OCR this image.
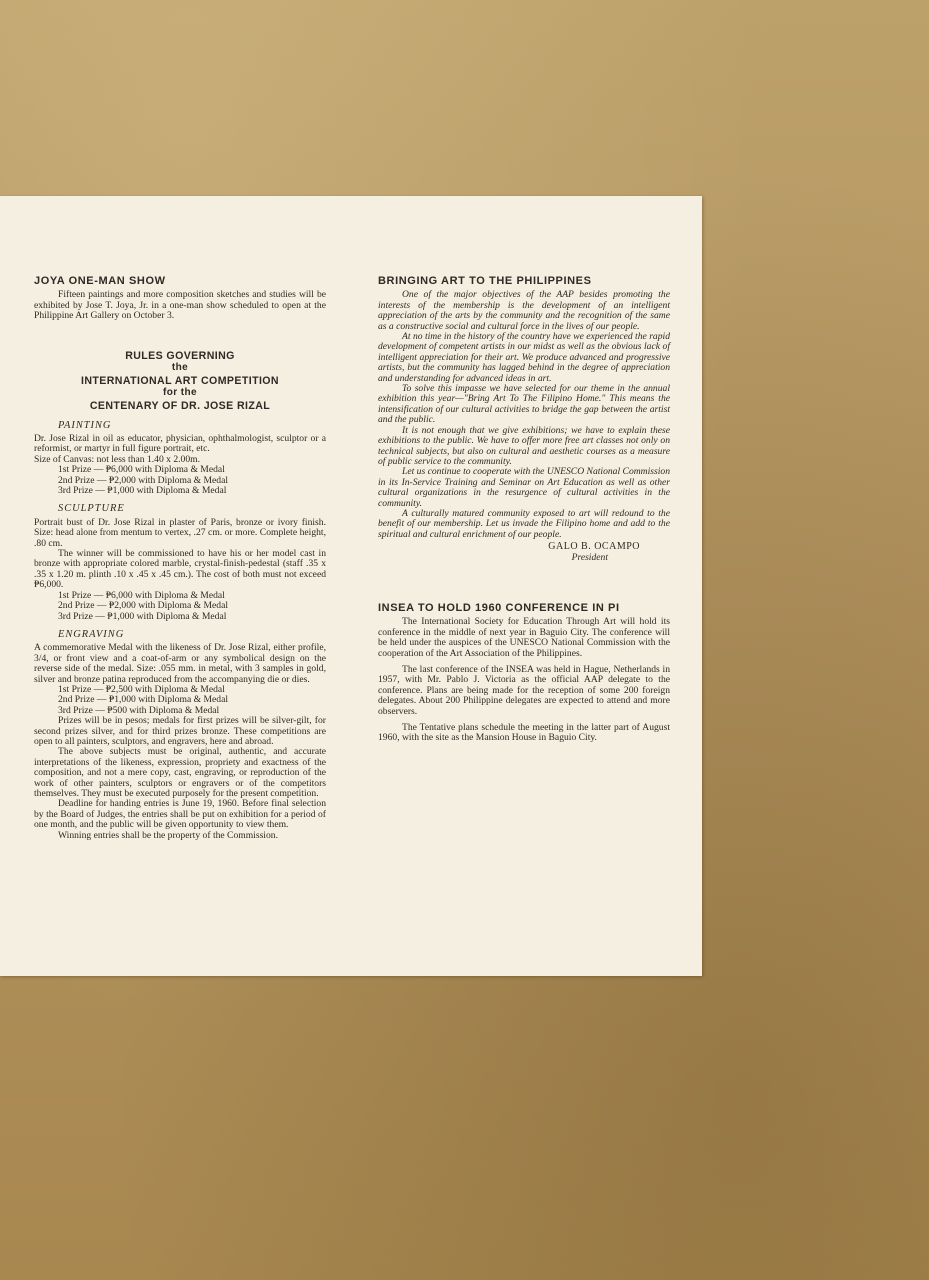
JOYA ONE-MAN SHOW

Fifteen paintings and more composition sketches and studies will be exhibited by Jose T. Joya, Jr. in a one-man show scheduled to open at the Philippine Art Gallery on October 3.

RULES GOVERNING
the
INTERNATIONAL ART COMPETITION
for the
CENTENARY OF DR. JOSE RIZAL
PAINTING

Dr. Jose Rizal in oil as educator, physician, ophthalmologist, sculptor or a reformist, or martyr in full figure portrait, etc.

Size of Canvas: not less than 1.40 x 2.00m.

1st Prize — ₱6,000 with Diploma & Medal
2nd Prize — ₱2,000 with Diploma & Medal
3rd Prize — ₱1,000 with Diploma & Medal
SCULPTURE

Portrait bust of Dr. Jose Rizal in plaster of Paris, bronze or ivory finish. Size: head alone from mentum to vertex, .27 cm. or more. Complete height, .80 cm.

The winner will be commissioned to have his or her model cast in bronze with appropriate colored marble, crystal-finish-pedestal (staff .35 x .35 x 1.20 m. plinth .10 x .45 x .45 cm.). The cost of both must not exceed ₱6,000.

1st Prize — ₱6,000 with Diploma & Medal
2nd Prize — ₱2,000 with Diploma & Medal
3rd Prize — ₱1,000 with Diploma & Medal
ENGRAVING

A commemorative Medal with the likeness of Dr. Jose Rizal, either profile, 3/4, or front view and a coat-of-arm or any symbolical design on the reverse side of the medal. Size: .055 mm. in metal, with 3 samples in gold, silver and bronze patina reproduced from the accompanying die or dies.

1st Prize — ₱2,500 with Diploma & Medal
2nd Prize — ₱1,000 with Diploma & Medal
3rd Prize — ₱500 with Diploma & Medal

Prizes will be in pesos; medals for first prizes will be silver-gilt, for second prizes silver, and for third prizes bronze. These competitions are open to all painters, sculptors, and engravers, here and abroad.

The above subjects must be original, authentic, and accurate interpretations of the likeness, expression, propriety and exactness of the composition, and not a mere copy, cast, engraving, or reproduction of the work of other painters, sculptors or engravers or of the competitors themselves. They must be executed purposely for the present competition.

Deadline for handing entries is June 19, 1960. Before final selection by the Board of Judges, the entries shall be put on exhibition for a period of one month, and the public will be given opportunity to view them.

Winning entries shall be the property of the Commission.

BRINGING ART TO THE PHILIPPINES

One of the major objectives of the AAP besides promoting the interests of the membership is the development of an intelligent appreciation of the arts by the community and the recognition of the same as a constructive social and cultural force in the lives of our people.

At no time in the history of the country have we experienced the rapid development of competent artists in our midst as well as the obvious lack of intelligent appreciation for their art. We produce advanced and progressive artists, but the community has lagged behind in the degree of appreciation and understanding for advanced ideas in art.

To solve this impasse we have selected for our theme in the annual exhibition this year—"Bring Art To The Filipino Home." This means the intensification of our cultural activities to bridge the gap between the artist and the public.

It is not enough that we give exhibitions; we have to explain these exhibitions to the public. We have to offer more free art classes not only on technical subjects, but also on cultural and aesthetic courses as a measure of public service to the community.

Let us continue to cooperate with the UNESCO National Commission in its In-Service Training and Seminar on Art Education as well as other cultural organizations in the resurgence of cultural activities in the community.

A culturally matured community exposed to art will redound to the benefit of our membership. Let us invade the Filipino home and add to the spiritual and cultural enrichment of our people.

GALO B. OCAMPO
President
INSEA TO HOLD 1960 CONFERENCE IN PI

The International Society for Education Through Art will hold its conference in the middle of next year in Baguio City. The conference will be held under the auspices of the UNESCO National Commission with the cooperation of the Art Association of the Philippines.

The last conference of the INSEA was held in Hague, Netherlands in 1957, with Mr. Pablo J. Victoria as the official AAP delegate to the conference. Plans are being made for the reception of some 200 foreign delegates. About 200 Philippine delegates are expected to attend and more observers.

The Tentative plans schedule the meeting in the latter part of August 1960, with the site as the Mansion House in Baguio City.
